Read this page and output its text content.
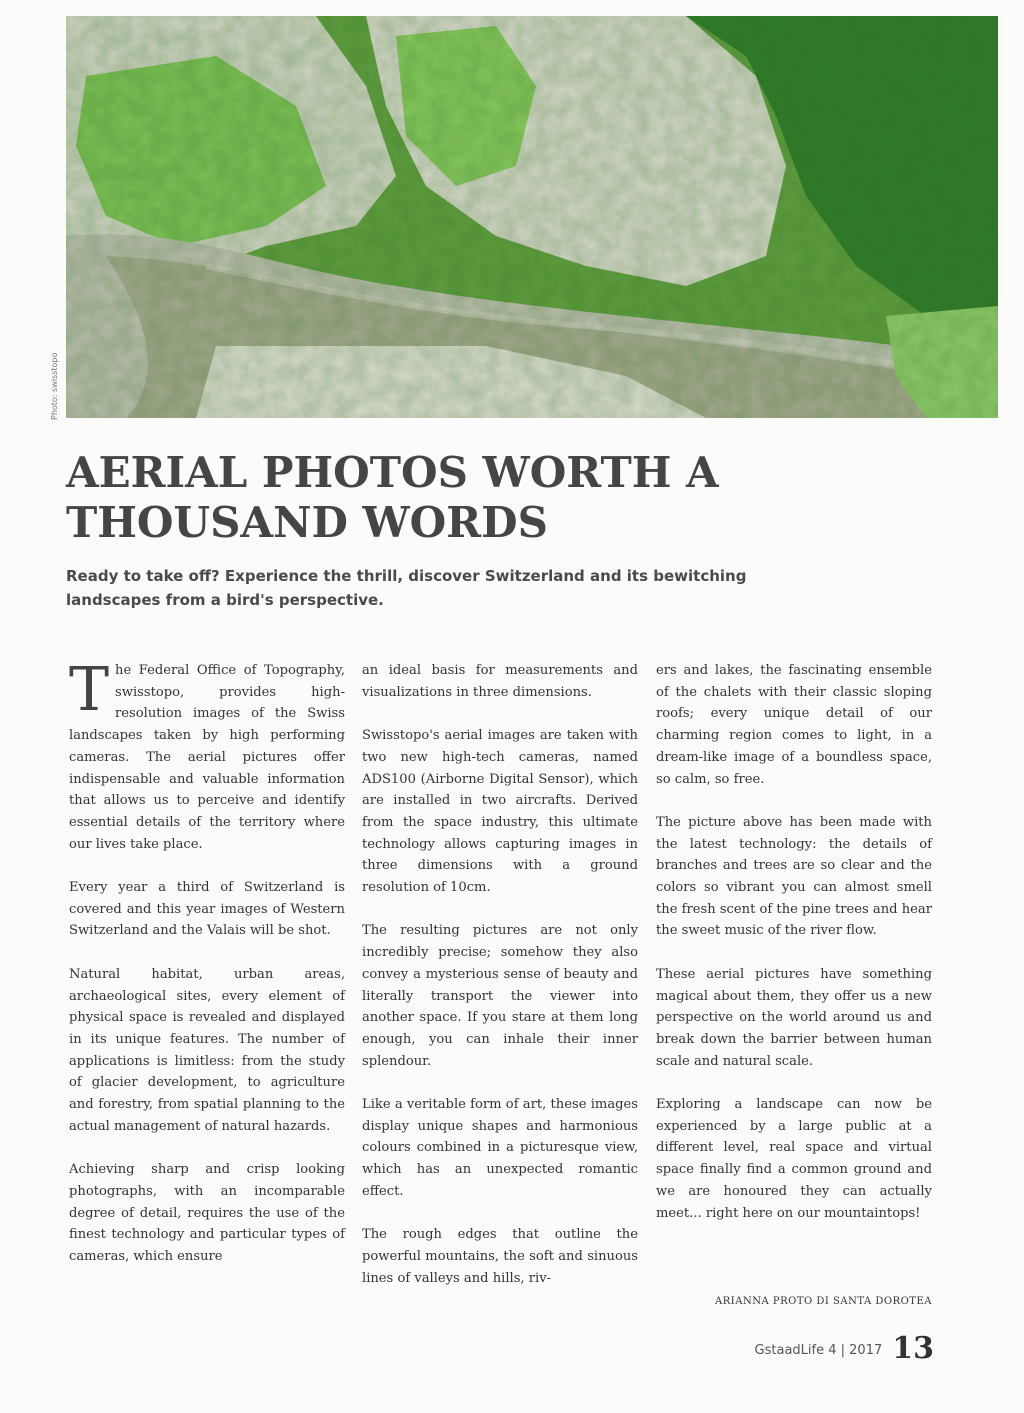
Photo: swisstopo
AERIAL PHOTOS WORTH A
THOUSAND WORDS

Ready to take off? Experience the thrill, discover Switzerland and its bewitching landscapes from a bird's perspective.

The Federal Office of Topography, swisstopo, provides high-resolution images of the Swiss landscapes taken by high performing cameras. The aerial pictures offer indispensable and valuable information that allows us to perceive and identify essential details of the territory where our lives take place.

Every year a third of Switzerland is covered and this year images of Western Switzerland and the Valais will be shot.

Natural habitat, urban areas, archaeological sites, every element of physical space is revealed and displayed in its unique features. The number of applications is limitless: from the study of glacier development, to agriculture and forestry, from spatial planning to the actual management of natural hazards.

Achieving sharp and crisp looking photographs, with an incomparable degree of detail, requires the use of the finest technology and particular types of cameras, which ensure

an ideal basis for measurements and visualizations in three dimensions.

Swisstopo's aerial images are taken with two new high-tech cameras, named ADS100 (Airborne Digital Sensor), which are installed in two aircrafts. Derived from the space industry, this ultimate technology allows capturing images in three dimensions with a ground resolution of 10cm.

The resulting pictures are not only incredibly precise; somehow they also convey a mysterious sense of beauty and literally transport the viewer into another space. If you stare at them long enough, you can inhale their inner splendour.

Like a veritable form of art, these images display unique shapes and harmonious colours combined in a picturesque view, which has an unexpected romantic effect.

The rough edges that outline the powerful mountains, the soft and sinuous lines of valleys and hills, riv-

ers and lakes, the fascinating ensemble of the chalets with their classic sloping roofs; every unique detail of our charming region comes to light, in a dream-like image of a boundless space, so calm, so free.

The picture above has been made with the latest technology: the details of branches and trees are so clear and the colors so vibrant you can almost smell the fresh scent of the pine trees and hear the sweet music of the river flow.

These aerial pictures have something magical about them, they offer us a new perspective on the world around us and break down the barrier between human scale and natural scale.

Exploring a landscape can now be experienced by a large public at a different level, real space and virtual space finally find a common ground and we are honoured they can actually meet... right here on our mountaintops!

ARIANNA PROTO DI SANTA DOROTEA
GstaadLife 4 | 2017 13
